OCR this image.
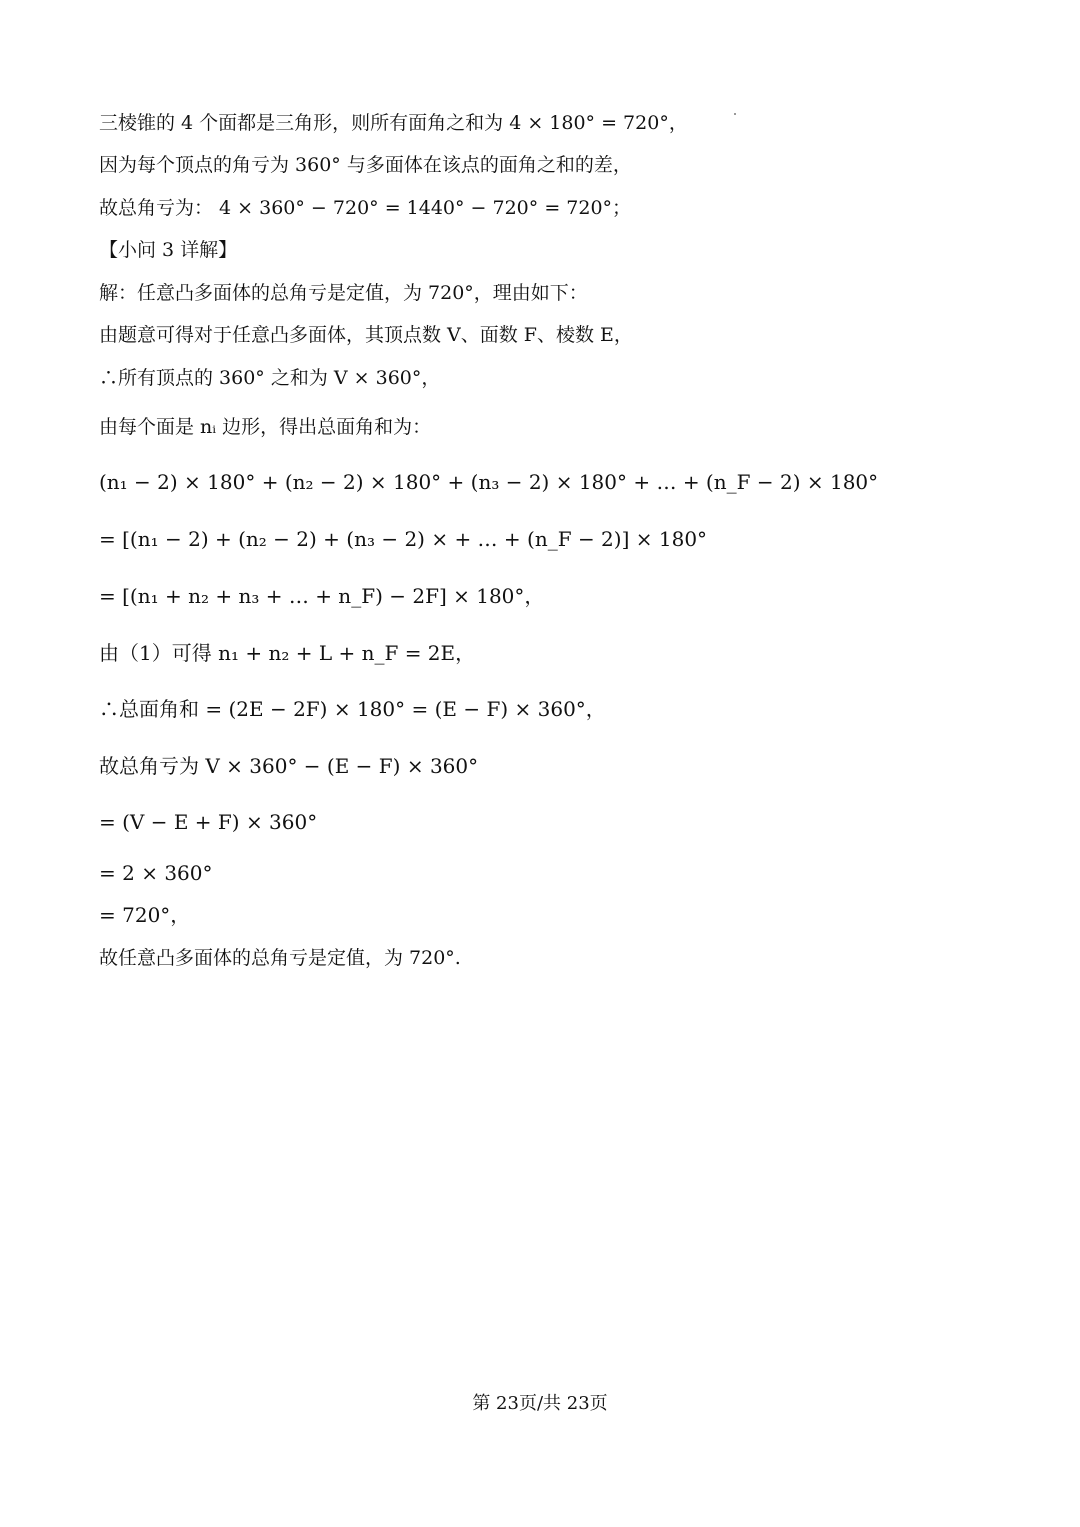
三棱锥的 4 个面都是三角形，则所有面角之和为 4 × 180° = 720°，
因为每个顶点的角亏为 360° 与多面体在该点的面角之和的差，
故总角亏为： 4 × 360° − 720° = 1440° − 720° = 720°；
【小问 3 详解】
解：任意凸多面体的总角亏是定值，为 720°，理由如下：
由题意可得对于任意凸多面体，其顶点数 V、面数 F、棱数 E，
∴所有顶点的 360° 之和为 V × 360°，
由每个面是 nᵢ 边形，得出总面角和为：
(n₁ − 2) × 180° + (n₂ − 2) × 180° + (n₃ − 2) × 180° + … + (n_F − 2) × 180°
= [(n₁ − 2) + (n₂ − 2) + (n₃ − 2) × + … + (n_F − 2)] × 180°
= [(n₁ + n₂ + n₃ + … + n_F) − 2F] × 180°，
由（1）可得 n₁ + n₂ + L + n_F = 2E，
∴总面角和 = (2E − 2F) × 180° = (E − F) × 360°，
故总角亏为 V × 360° − (E − F) × 360°
= (V − E + F) × 360°
= 2 × 360°
= 720°，
故任意凸多面体的总角亏是定值，为 720°.
第 23页/共 23页
